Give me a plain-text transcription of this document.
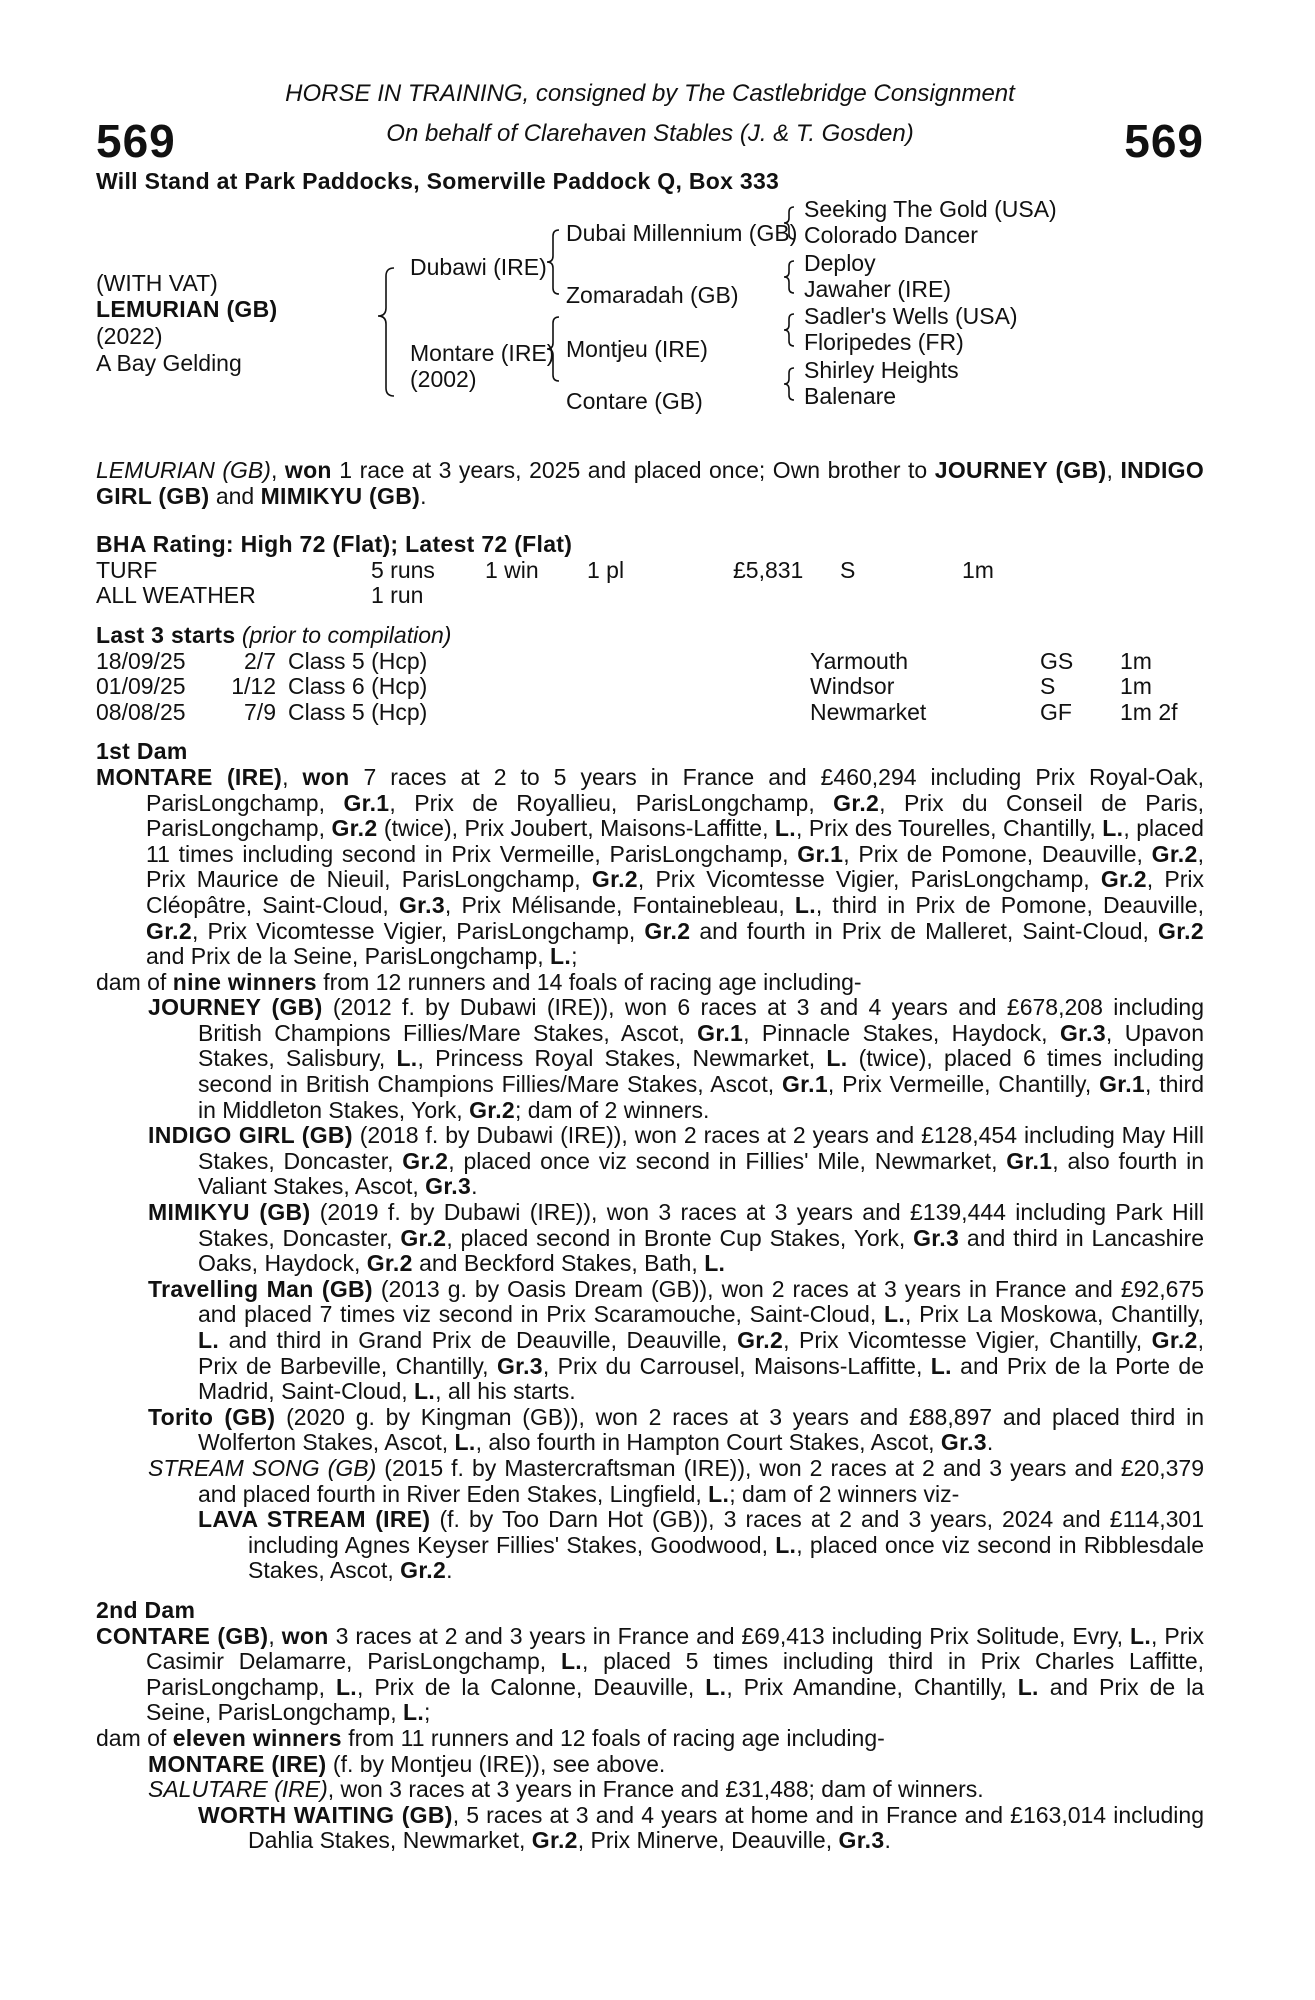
HORSE IN TRAINING, consigned by The Castlebridge Consignment
On behalf of Clarehaven Stables (J. & T. Gosden)
569	569
Will Stand at Park Paddocks, Somerville Paddock Q, Box 333
(WITH VAT)
LEMURIAN (GB)
(2022)
A Bay Gelding
Dubawi (IRE)
Montare (IRE)
(2002)
Dubai Millennium (GB)
Zomaradah (GB)
Montjeu (IRE)
Contare (GB)
Seeking The Gold (USA)
Colorado Dancer
Deploy
Jawaher (IRE)
Sadler's Wells (USA)
Floripedes (FR)
Shirley Heights
Balenare

LEMURIAN (GB), won 1 race at 3 years, 2025 and placed once; Own brother to JOURNEY (GB), INDIGO GIRL (GB) and MIMIKYU (GB).

BHA Rating: High 72 (Flat); Latest 72 (Flat)

TURF	5 runs 1 win 1 pl	£5,831 S	1m
ALL WEATHER	1 run

Last 3 starts (prior to compilation)

18/09/25	2/7 Class 5 (Hcp)	Yarmouth	GS 1m
01/09/25	1/12 Class 6 (Hcp)	Windsor	S	1m
08/08/25	7/9 Class 5 (Hcp)	Newmarket	GF 1m 2f

1st Dam

MONTARE (IRE), won 7 races at 2 to 5 years in France and £460,294 including Prix Royal-Oak, ParisLongchamp, Gr.1, Prix de Royallieu, ParisLongchamp, Gr.2, Prix du Conseil de Paris, ParisLongchamp, Gr.2 (twice), Prix Joubert, Maisons-Laffitte, L., Prix des Tourelles, Chantilly, L., placed 11 times including second in Prix Vermeille, ParisLongchamp, Gr.1, Prix de Pomone, Deauville, Gr.2, Prix Maurice de Nieuil, ParisLongchamp, Gr.2, Prix Vicomtesse Vigier, ParisLongchamp, Gr.2, Prix Cléopâtre, Saint-Cloud, Gr.3, Prix Mélisande, Fontainebleau, L., third in Prix de Pomone, Deauville, Gr.2, Prix Vicomtesse Vigier, ParisLongchamp, Gr.2 and fourth in Prix de Malleret, Saint-Cloud, Gr.2 and Prix de la Seine, ParisLongchamp, L.;

dam of nine winners from 12 runners and 14 foals of racing age including-

JOURNEY (GB) (2012 f. by Dubawi (IRE)), won 6 races at 3 and 4 years and £678,208 including British Champions Fillies/Mare Stakes, Ascot, Gr.1, Pinnacle Stakes, Haydock, Gr.3, Upavon Stakes, Salisbury, L., Princess Royal Stakes, Newmarket, L. (twice), placed 6 times including second in British Champions Fillies/Mare Stakes, Ascot, Gr.1, Prix Vermeille, Chantilly, Gr.1, third in Middleton Stakes, York, Gr.2; dam of 2 winners.

INDIGO GIRL (GB) (2018 f. by Dubawi (IRE)), won 2 races at 2 years and £128,454 including May Hill Stakes, Doncaster, Gr.2, placed once viz second in Fillies' Mile, Newmarket, Gr.1, also fourth in Valiant Stakes, Ascot, Gr.3.

MIMIKYU (GB) (2019 f. by Dubawi (IRE)), won 3 races at 3 years and £139,444 including Park Hill Stakes, Doncaster, Gr.2, placed second in Bronte Cup Stakes, York, Gr.3 and third in Lancashire Oaks, Haydock, Gr.2 and Beckford Stakes, Bath, L.

Travelling Man (GB) (2013 g. by Oasis Dream (GB)), won 2 races at 3 years in France and £92,675 and placed 7 times viz second in Prix Scaramouche, Saint-Cloud, L., Prix La Moskowa, Chantilly, L. and third in Grand Prix de Deauville, Deauville, Gr.2, Prix Vicomtesse Vigier, Chantilly, Gr.2, Prix de Barbeville, Chantilly, Gr.3, Prix du Carrousel, Maisons-Laffitte, L. and Prix de la Porte de Madrid, Saint-Cloud, L., all his starts.

Torito (GB) (2020 g. by Kingman (GB)), won 2 races at 3 years and £88,897 and placed third in Wolferton Stakes, Ascot, L., also fourth in Hampton Court Stakes, Ascot, Gr.3.

STREAM SONG (GB) (2015 f. by Mastercraftsman (IRE)), won 2 races at 2 and 3 years and £20,379 and placed fourth in River Eden Stakes, Lingfield, L.; dam of 2 winners viz-

LAVA STREAM (IRE) (f. by Too Darn Hot (GB)), 3 races at 2 and 3 years, 2024 and £114,301 including Agnes Keyser Fillies' Stakes, Goodwood, L., placed once viz second in Ribblesdale Stakes, Ascot, Gr.2.

2nd Dam

CONTARE (GB), won 3 races at 2 and 3 years in France and £69,413 including Prix Solitude, Evry, L., Prix Casimir Delamarre, ParisLongchamp, L., placed 5 times including third in Prix Charles Laffitte, ParisLongchamp, L., Prix de la Calonne, Deauville, L., Prix Amandine, Chantilly, L. and Prix de la Seine, ParisLongchamp, L.;

dam of eleven winners from 11 runners and 12 foals of racing age including-

MONTARE (IRE) (f. by Montjeu (IRE)), see above.

SALUTARE (IRE), won 3 races at 3 years in France and £31,488; dam of winners.

WORTH WAITING (GB), 5 races at 3 and 4 years at home and in France and £163,014 including Dahlia Stakes, Newmarket, Gr.2, Prix Minerve, Deauville, Gr.3.
